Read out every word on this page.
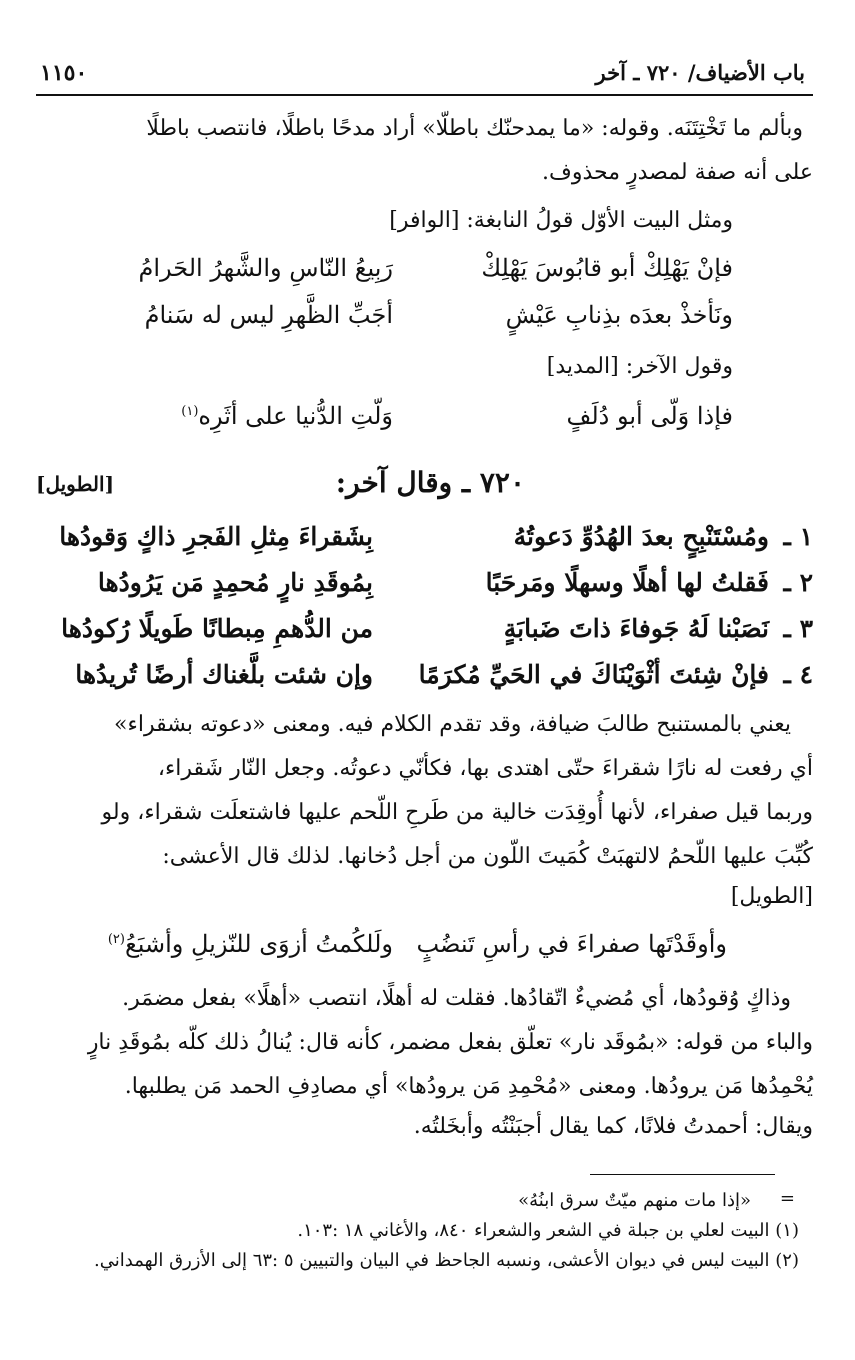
١١٥٠	باب الأضياف/ ٧٢٠ ـ آخر
وبألم ما تَخْتِتَنَه. وقوله: «ما يمدحنّك باطلّا» أراد مدحًا باطلًا، فانتصب باطلًا
على أنه صفة لمصدرٍ محذوف.
ومثل البيت الأوّل قولُ النابغة: [الوافر]
فإنْ يَهْلِكْ أبو قابُوسَ يَهْلِكْ
رَبِيعُ النّاسِ والشَّهرُ الحَرامُ
ونَأخذْ بعدَه بذِنابِ عَيْشٍ
أجَبِّ الظَّهرِ ليس له سَنامُ
وقول الآخر: [المديد]
فإذا وَلّى أبو دُلَفٍ
وَلّتِ الدُّنيا على أثَرِه$^{(١)}$
٧٢٠ ـ وقال آخر:
[الطويل]
١ ـ
ومُسْتَنْبِحٍ بعدَ الهُدُوِّ دَعوتُهُ
بِشَقراءَ مِثلِ الفَجرِ ذاكٍ وَقودُها
٢ ـ
فَقلتُ لها أهلًا وسهلًا ومَرحَبًا
بِمُوقَدِ نارٍ مُحمِدٍ مَن يَرُودُها
٣ ـ
نَصَبْنا لَهُ جَوفاءَ ذاتَ ضَبابَةٍ
من الدُّهمِ مِبطانًا طَويلًا رُكودُها
٤ ـ
فإنْ شِئتَ أثْوَيْنَاكَ في الحَيِّ مُكرَمًا
وإن شئت بلَّغناك أرضًا تُريدُها
يعني بالمستنبح طالبَ ضيافة، وقد تقدم الكلام فيه. ومعنى «دعوته بشقراء»
أي رفعت له نارًا شقراءَ حتّى اهتدى بها، فكأنّي دعوتُه. وجعل النّار شَقراء،
وربما قيل صفراء، لأنها أُوقِدَت خالية من طَرحِ اللّحم عليها فاشتعلَت شقراء، ولو
كُبِّبَ عليها اللّحمُ لالتهبَتْ كُمَيتَ اللّون من أجل دُخانها. لذلك قال الأعشى:
[الطويل]
وأوقَدْتَها صفراءَ في رأسِ تَنضُبٍ
ولَلكُمتُ أزوَى للنّزيلِ وأشبَعُ$^{(٢)}$
وذاكٍ وُقودُها، أي مُضيءٌ اتّقادُها. فقلت له أهلًا، انتصب «أهلًا» بفعل مضمَر.
والباء من قوله: «بمُوقَد نار» تعلّق بفعل مضمر، كأنه قال: يُنالُ ذلك كلّه بمُوقَدِ نارٍ
يُحْمِدُها مَن يرودُها. ومعنى «مُحْمِدِ مَن يرودُها» أي مصادِفِ الحمد مَن يطلبها.
ويقال: أحمدتُ فلانًا، كما يقال أجبَنْتُه وأبخَلتُه.
=
«إذا مات منهم ميّتٌ سرق ابنُهُ»
(١) البيت لعلي بن جبلة في الشعر والشعراء ٨٤٠، والأغاني ١٨ :١٠٣.
(٢) البيت ليس في ديوان الأعشى، ونسبه الجاحظ في البيان والتبيين ٥ :٦٣ إلى الأزرق الهمداني.
